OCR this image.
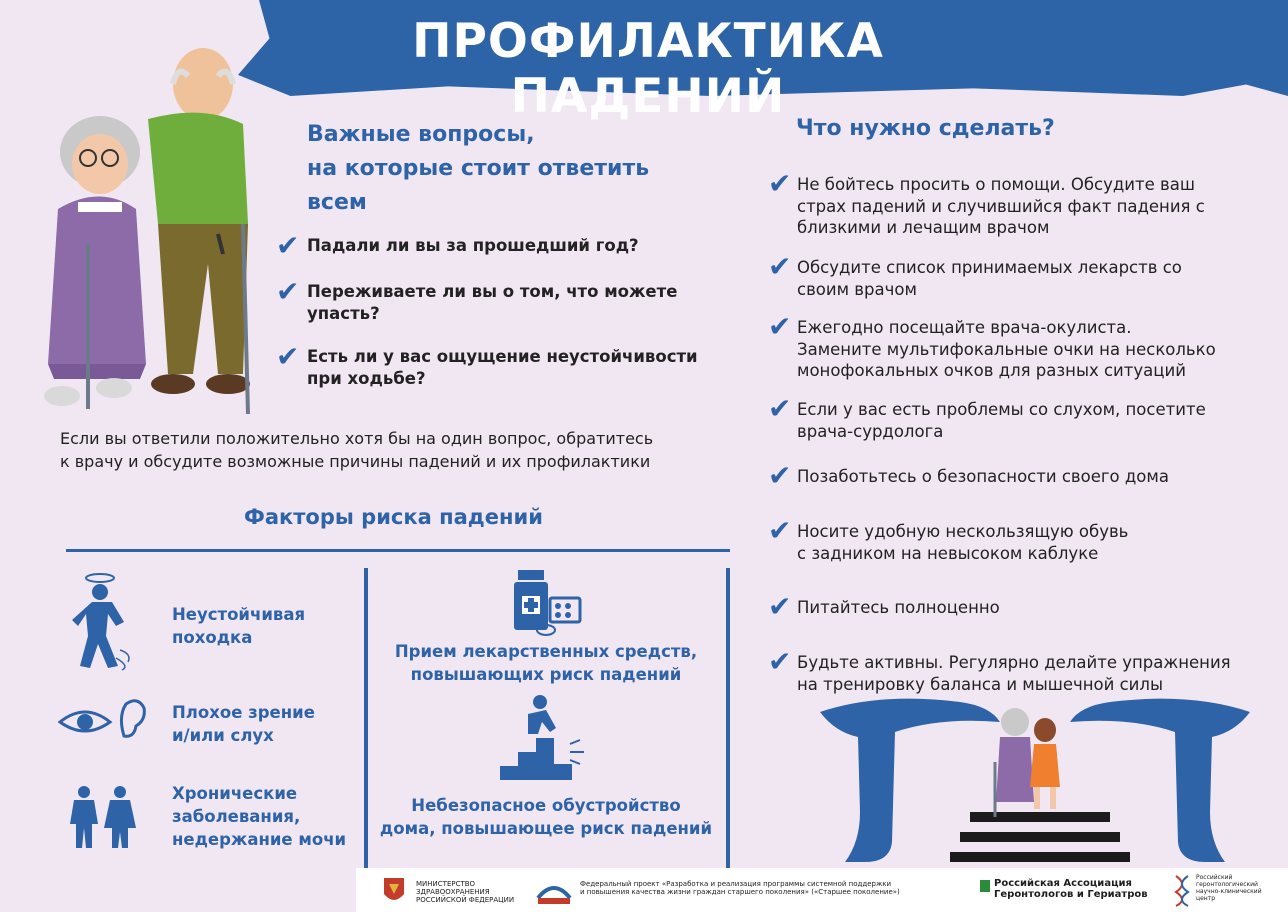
ПРОФИЛАКТИКА ПАДЕНИЙ
Важные вопросы,
на которые стоит ответить
всем
✔ Падали ли вы за прошедший год?
✔ Переживаете ли вы о том, что можете
упасть?
✔ Есть ли у вас ощущение неустойчивости
при ходьбе?
Если вы ответили положительно хотя бы на один вопрос, обратитесь
к врачу и обсудите возможные причины падений и их профилактики
Что нужно сделать?
✔ Не бойтесь просить о помощи. Обсудите ваш
страх падений и случившийся факт падения с
близкими и лечащим врачом
✔ Обсудите список принимаемых лекарств со
своим врачом
✔ Ежегодно посещайте врача-окулиста.
Замените мультифокальные очки на несколько
монофокальных очков для разных ситуаций
✔ Если у вас есть проблемы со слухом, посетите
врача-сурдолога
✔ Позаботьтесь о безопасности своего дома
✔ Носите удобную нескользящую обувь
с задником на невысоком каблуке
✔ Питайтесь полноценно
✔ Будьте активны. Регулярно делайте упражнения
на тренировку баланса и мышечной силы
Факторы риска падений
Неустойчивая
походка
Плохое зрение
и/или слух
Хронические
заболевания,
недержание мочи
Прием лекарственных средств,
повышающих риск падений
Небезопасное обустройство
дома, повышающее риск падений
МИНИСТЕРСТВО
ЗДРАВООХРАНЕНИЯ
РОССИЙСКОЙ ФЕДЕРАЦИИ
Федеральный проект «Разработка и реализация программы системной поддержки
и повышения качества жизни граждан старшего поколения» («Старшее поколение»)
Российская Ассоциация
Геронтологов и Гериатров
Российский
геронтологический
научно-клинический
центр
